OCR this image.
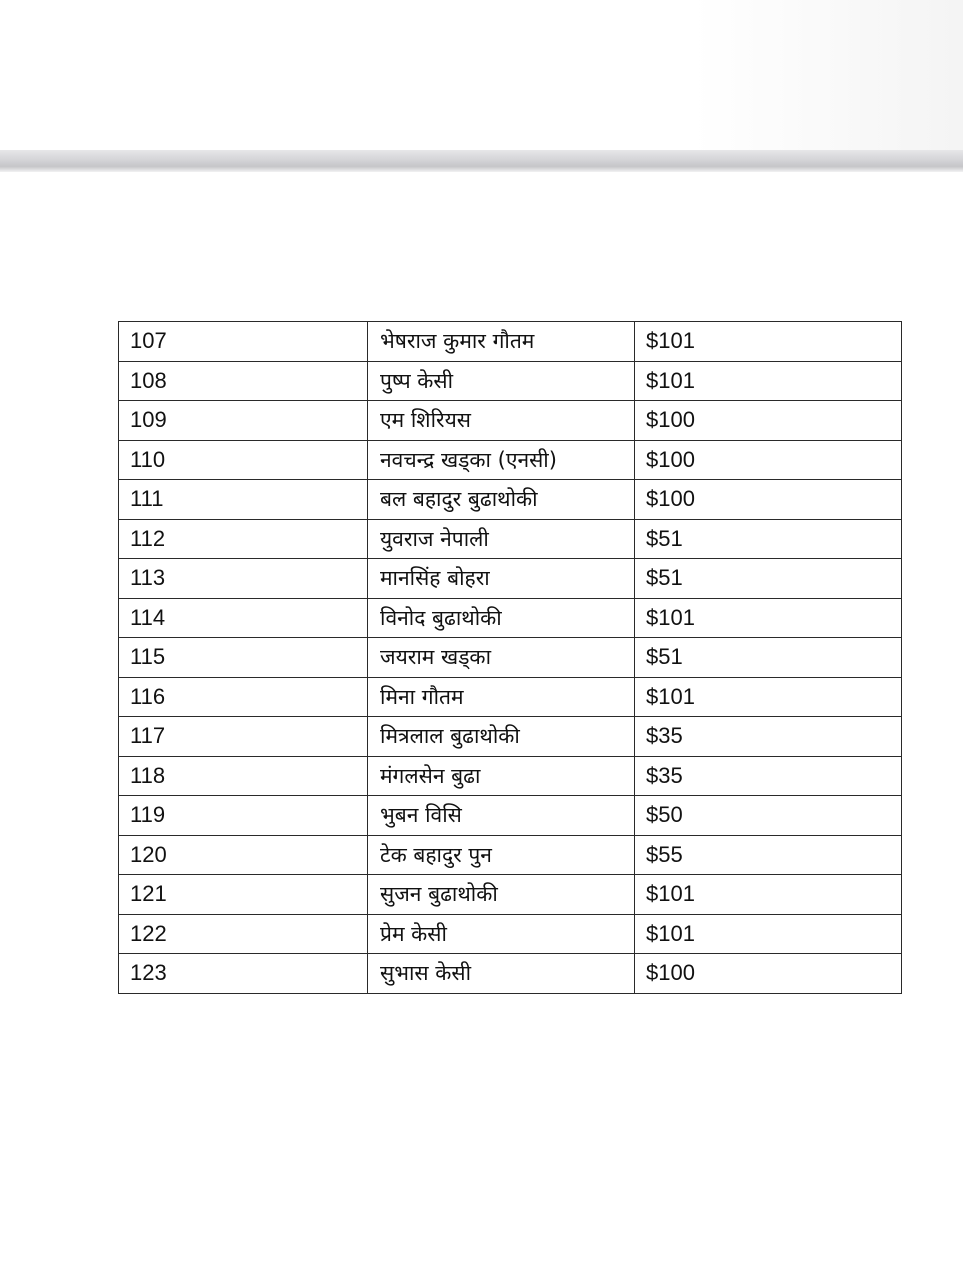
107	भेषराज कुमार गाैतम	$101
108	पुष्प केसी	$101
109	एम शिरियस	$100
110	नवचन्द्र खड्का (एनसी)	$100
111	बल बहादुर बुढाथोकी	$100
112	युवराज नेपाली	$51
113	मानसिंह बोहरा	$51
114	विनोद बुढाथोकी	$101
115	जयराम खड्का	$51
116	मिना गाैतम	$101
117	मित्रलाल बुढाथोकी	$35
118	मंगलसेन बुढा	$35
119	भुबन विसि	$50
120	टेक बहादुर पुन	$55
121	सुजन बुढाथोकी	$101
122	प्रेम केसी	$101
123	सुभास केसी	$100
